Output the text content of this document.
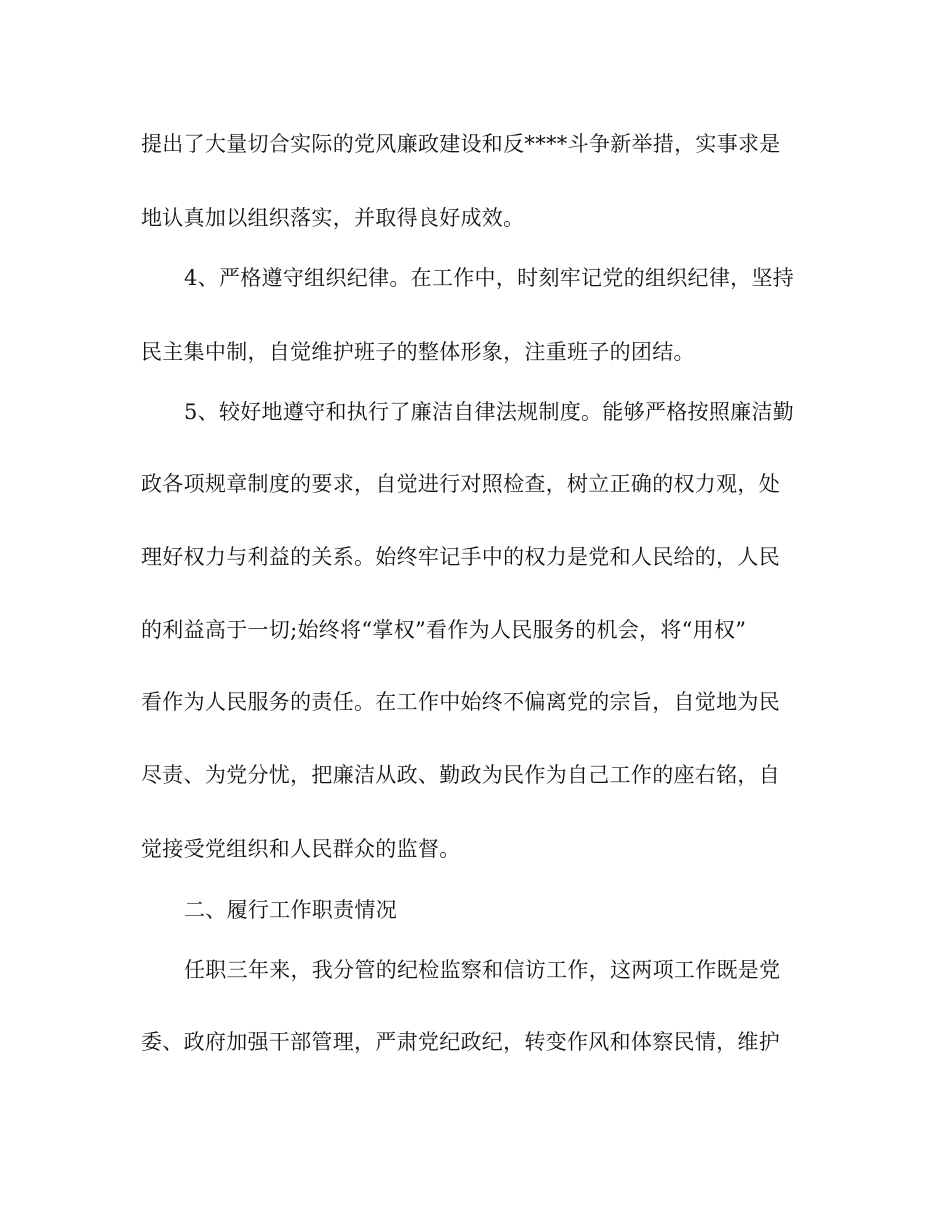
提出了大量切合实际的党风廉政建设和反****斗争新举措，实事求是
地认真加以组织落实，并取得良好成效。
4、严格遵守组织纪律。在工作中，时刻牢记党的组织纪律，坚持
民主集中制，自觉维护班子的整体形象，注重班子的团结。
5、较好地遵守和执行了廉洁自律法规制度。能够严格按照廉洁勤
政各项规章制度的要求，自觉进行对照检查，树立正确的权力观，处
理好权力与利益的关系。始终牢记手中的权力是党和人民给的，人民
的利益高于一切;始终将“掌权”看作为人民服务的机会，将“用权”
看作为人民服务的责任。在工作中始终不偏离党的宗旨，自觉地为民
尽责、为党分忧，把廉洁从政、勤政为民作为自己工作的座右铭，自
觉接受党组织和人民群众的监督。
二、履行工作职责情况
任职三年来，我分管的纪检监察和信访工作，这两项工作既是党
委、政府加强干部管理，严肃党纪政纪，转变作风和体察民情，维护
